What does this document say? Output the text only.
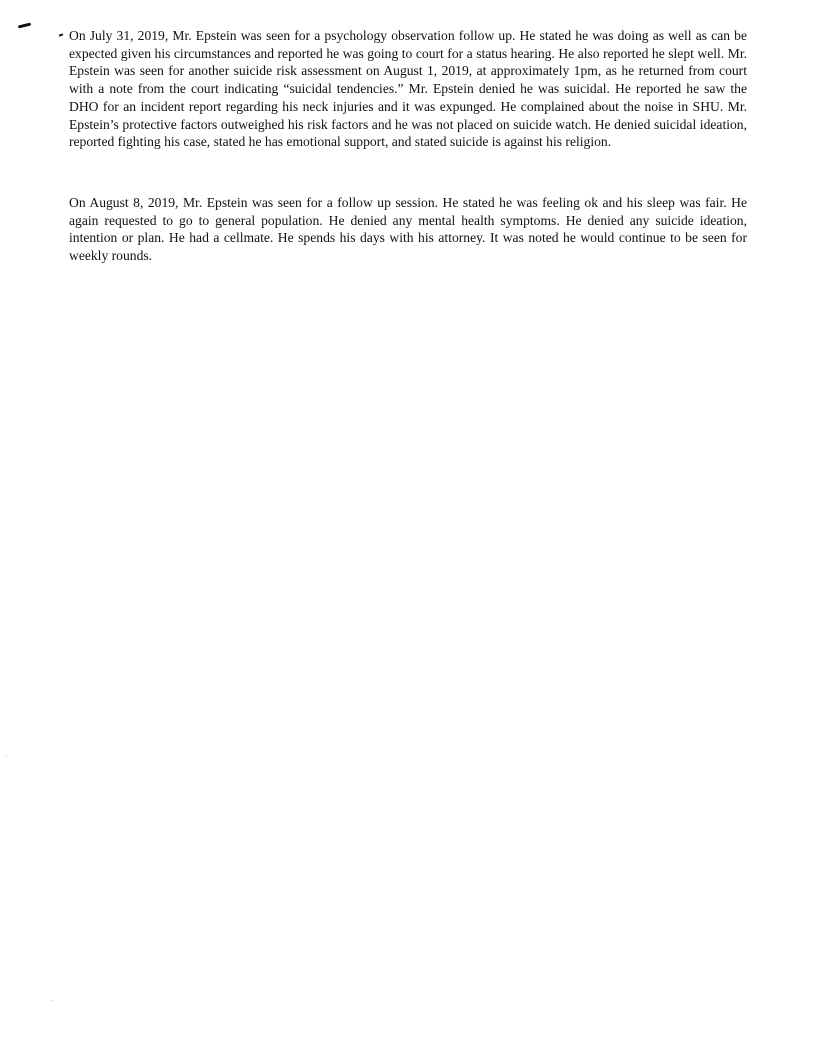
On July 31, 2019, Mr. Epstein was seen for a psychology observation follow up. He stated he was doing as well as can be expected given his circumstances and reported he was going to court for a status hearing. He also reported he slept well. Mr. Epstein was seen for another suicide risk assessment on August 1, 2019, at approximately 1pm, as he returned from court with a note from the court indicating “suicidal tendencies.” Mr. Epstein denied he was suicidal. He reported he saw the DHO for an incident report regarding his neck injuries and it was expunged. He complained about the noise in SHU. Mr. Epstein’s protective factors outweighed his risk factors and he was not placed on suicide watch. He denied suicidal ideation, reported fighting his case, stated he has emotional support, and stated suicide is against his religion.

On August 8, 2019, Mr. Epstein was seen for a follow up session. He stated he was feeling ok and his sleep was fair. He again requested to go to general population. He denied any mental health symptoms. He denied any suicide ideation, intention or plan. He had a cellmate. He spends his days with his attorney. It was noted he would continue to be seen for weekly rounds.
